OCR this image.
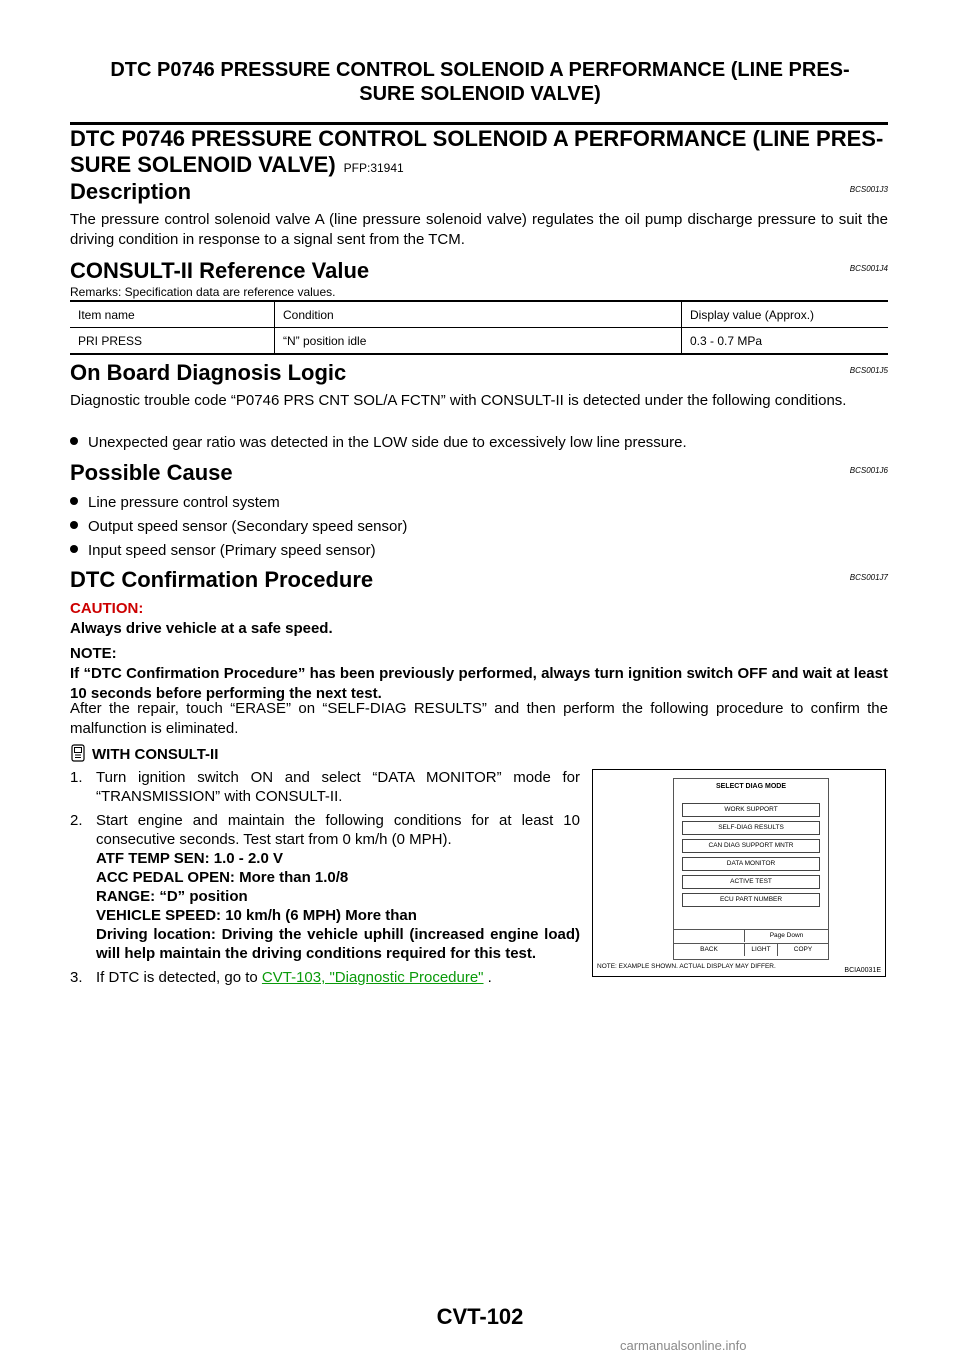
DTC P0746 PRESSURE CONTROL SOLENOID A PERFORMANCE (LINE PRES-
SURE SOLENOID VALVE)
DTC P0746 PRESSURE CONTROL SOLENOID A PERFORMANCE (LINE PRES-
SURE SOLENOID VALVE) PFP:31941
Description	BCS001J3
The pressure control solenoid valve A (line pressure solenoid valve) regulates the oil pump discharge pressure to suit the driving condition in response to a signal sent from the TCM.
CONSULT-II Reference Value	BCS001J4
Remarks: Specification data are reference values.
Item name	Condition	Display value (Approx.)
PRI PRESS	“N” position idle	0.3 - 0.7 MPa
On Board Diagnosis Logic	BCS001J5
Diagnostic trouble code “P0746 PRS CNT SOL/A FCTN” with CONSULT-II is detected under the following conditions.
Unexpected gear ratio was detected in the LOW side due to excessively low line pressure.
Possible Cause	BCS001J6
Line pressure control system
Output speed sensor (Secondary speed sensor)
Input speed sensor (Primary speed sensor)
DTC Confirmation Procedure	BCS001J7
CAUTION:
Always drive vehicle at a safe speed.
NOTE:
If “DTC Confirmation Procedure” has been previously performed, always turn ignition switch OFF and wait at least 10 seconds before performing the next test.
After the repair, touch “ERASE” on “SELF-DIAG RESULTS” and then perform the following procedure to confirm the malfunction is eliminated.
WITH CONSULT-II
1. Turn ignition switch ON and select “DATA MONITOR” mode for “TRANSMISSION” with CONSULT-II.
2. Start engine and maintain the following conditions for at least 10 consecutive seconds. Test start from 0 km/h (0 MPH).
ATF TEMP SEN: 1.0 - 2.0 V
ACC PEDAL OPEN: More than 1.0/8
RANGE: “D” position
VEHICLE SPEED: 10 km/h (6 MPH) More than
Driving location: Driving the vehicle uphill (increased engine load) will help maintain the driving conditions required for this test.
3. If DTC is detected, go to CVT-103, "Diagnostic Procedure" .
SELECT DIAG MODE
WORK SUPPORT
SELF-DIAG RESULTS
CAN DIAG SUPPORT MNTR
DATA MONITOR
ACTIVE TEST
ECU PART NUMBER
Page Down
BACK	LIGHT	COPY
NOTE: EXAMPLE SHOWN. ACTUAL DISPLAY MAY DIFFER.
BCIA0031E
CVT-102
carmanualsonline.info
